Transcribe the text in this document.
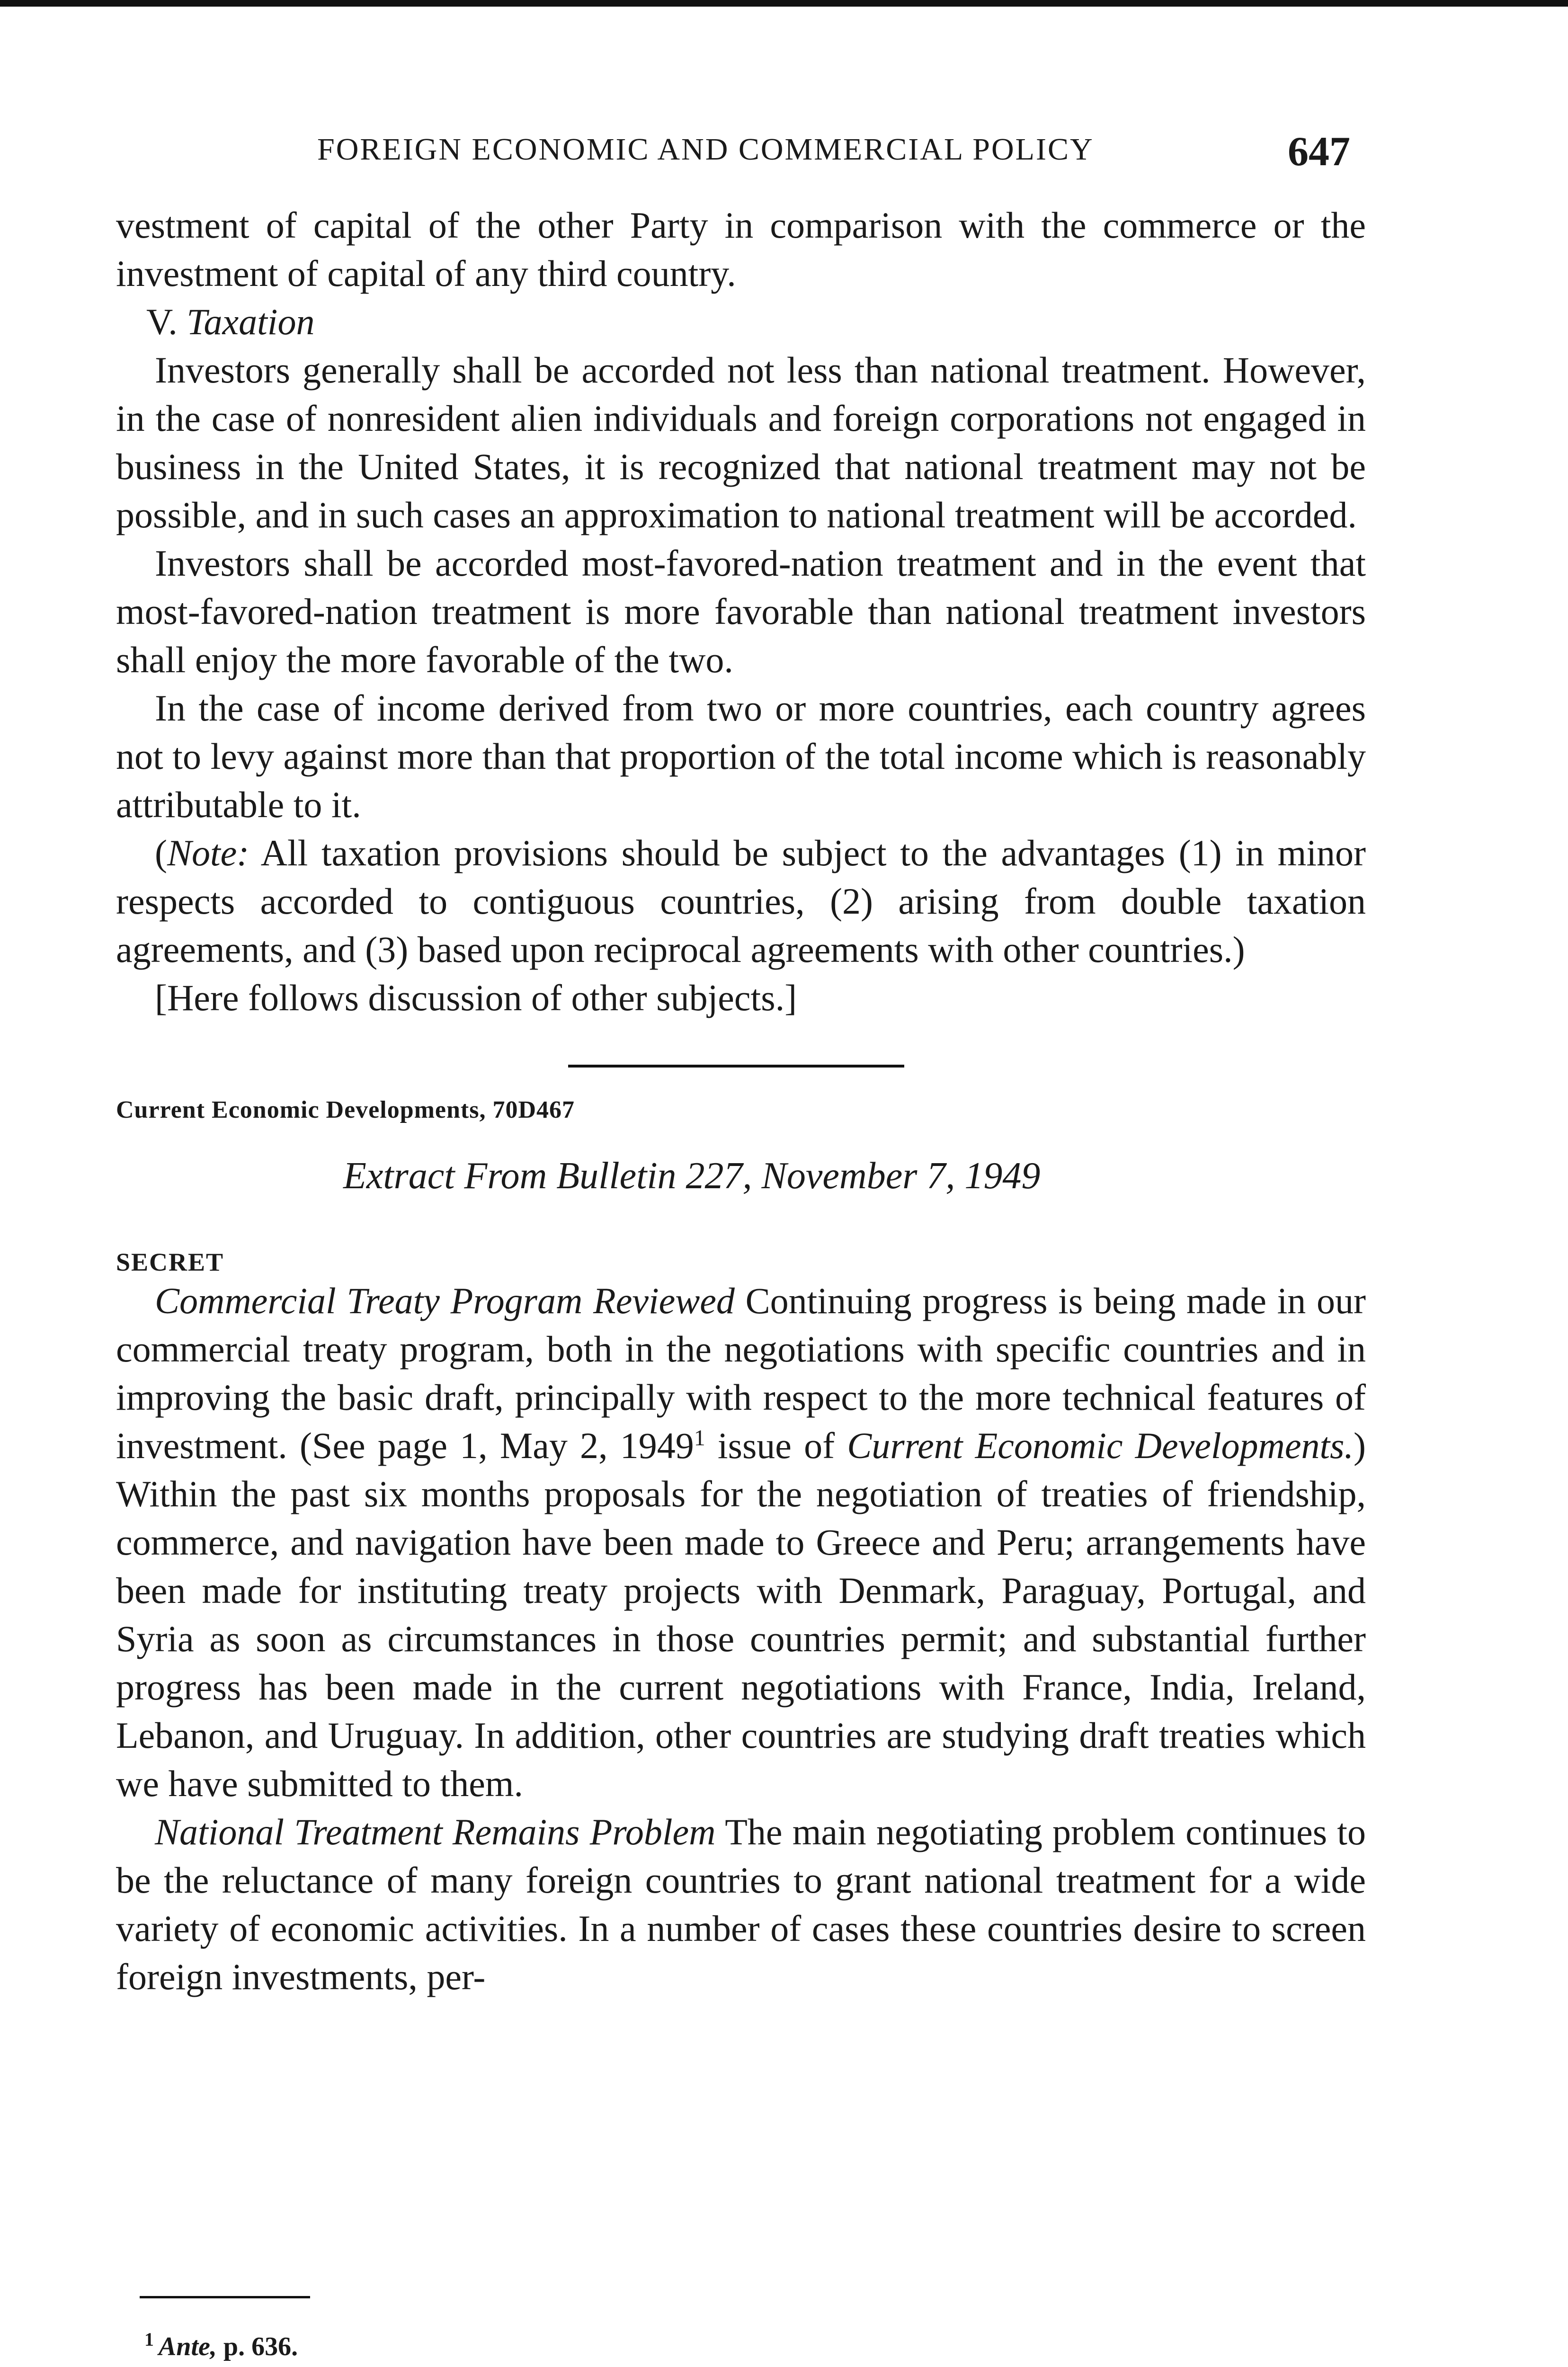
FOREIGN ECONOMIC AND COMMERCIAL POLICY	647

vestment of capital of the other Party in comparison with the commerce or the investment of capital of any third country.

V. Taxation

Investors generally shall be accorded not less than national treatment. However, in the case of nonresident alien individuals and foreign corporations not engaged in business in the United States, it is recognized that national treatment may not be possible, and in such cases an approximation to national treatment will be accorded.

Investors shall be accorded most-favored-nation treatment and in the event that most-favored-nation treatment is more favorable than national treatment investors shall enjoy the more favorable of the two.

In the case of income derived from two or more countries, each country agrees not to levy against more than that proportion of the total income which is reasonably attributable to it.

(Note: All taxation provisions should be subject to the advantages (1) in minor respects accorded to contiguous countries, (2) arising from double taxation agreements, and (3) based upon reciprocal agreements with other countries.)

[Here follows discussion of other subjects.]

Current Economic Developments, 70D467

Extract From Bulletin 227, November 7, 1949

SECRET

Commercial Treaty Program Reviewed Continuing progress is being made in our commercial treaty program, both in the negotiations with specific countries and in improving the basic draft, principally with respect to the more technical features of investment. (See page 1, May 2, 1949$^1$ issue of Current Economic Developments.) Within the past six months proposals for the negotiation of treaties of friendship, commerce, and navigation have been made to Greece and Peru; arrangements have been made for instituting treaty projects with Denmark, Paraguay, Portugal, and Syria as soon as circumstances in those countries permit; and substantial further progress has been made in the current negotiations with France, India, Ireland, Lebanon, and Uruguay. In addition, other countries are studying draft treaties which we have submitted to them.

National Treatment Remains Problem The main negotiating problem continues to be the reluctance of many foreign countries to grant national treatment for a wide variety of economic activities. In a number of cases these countries desire to screen foreign investments, per-

$^1$ Ante, p. 636.
